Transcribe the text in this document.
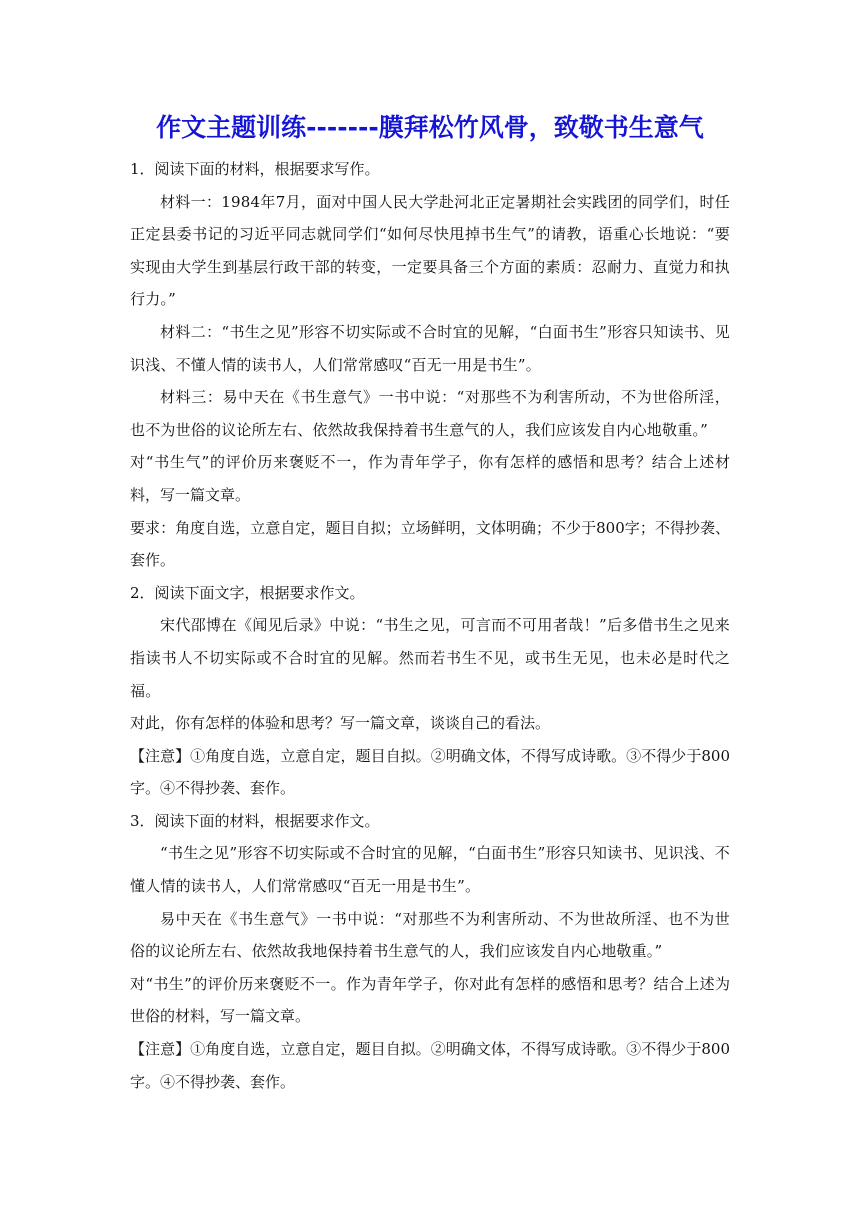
作文主题训练-------膜拜松竹风骨，致敬书生意气

1．阅读下面的材料，根据要求写作。

材料一：1984年7月，面对中国人民大学赴河北正定暑期社会实践团的同学们，时任正定县委书记的习近平同志就同学们“如何尽快甩掉书生气”的请教，语重心长地说：“要实现由大学生到基层行政干部的转变，一定要具备三个方面的素质：忍耐力、直觉力和执行力。”

材料二：“书生之见”形容不切实际或不合时宜的见解，“白面书生”形容只知读书、见识浅、不懂人情的读书人，人们常常感叹“百无一用是书生”。

材料三：易中天在《书生意气》一书中说：“对那些不为利害所动，不为世俗所淫，也不为世俗的议论所左右、依然故我保持着书生意气的人，我们应该发自内心地敬重。”

对“书生气”的评价历来褒贬不一，作为青年学子，你有怎样的感悟和思考？结合上述材料，写一篇文章。

要求：角度自选，立意自定，题目自拟；立场鲜明，文体明确；不少于800字；不得抄袭、套作。

2．阅读下面文字，根据要求作文。

宋代邵博在《闻见后录》中说：“书生之见，可言而不可用者哉！”后多借书生之见来指读书人不切实际或不合时宜的见解。然而若书生不见，或书生无见，也未必是时代之福。

对此，你有怎样的体验和思考？写一篇文章，谈谈自己的看法。

【注意】①角度自选，立意自定，题目自拟。②明确文体，不得写成诗歌。③不得少于800字。④不得抄袭、套作。

3．阅读下面的材料，根据要求作文。

“书生之见”形容不切实际或不合时宜的见解，“白面书生”形容只知读书、见识浅、不懂人情的读书人，人们常常感叹“百无一用是书生”。

易中天在《书生意气》一书中说：“对那些不为利害所动、不为世故所淫、也不为世俗的议论所左右、依然故我地保持着书生意气的人，我们应该发自内心地敬重。”

对“书生”的评价历来褒贬不一。作为青年学子，你对此有怎样的感悟和思考？结合上述为世俗的材料，写一篇文章。

【注意】①角度自选，立意自定，题目自拟。②明确文体，不得写成诗歌。③不得少于800字。④不得抄袭、套作。
